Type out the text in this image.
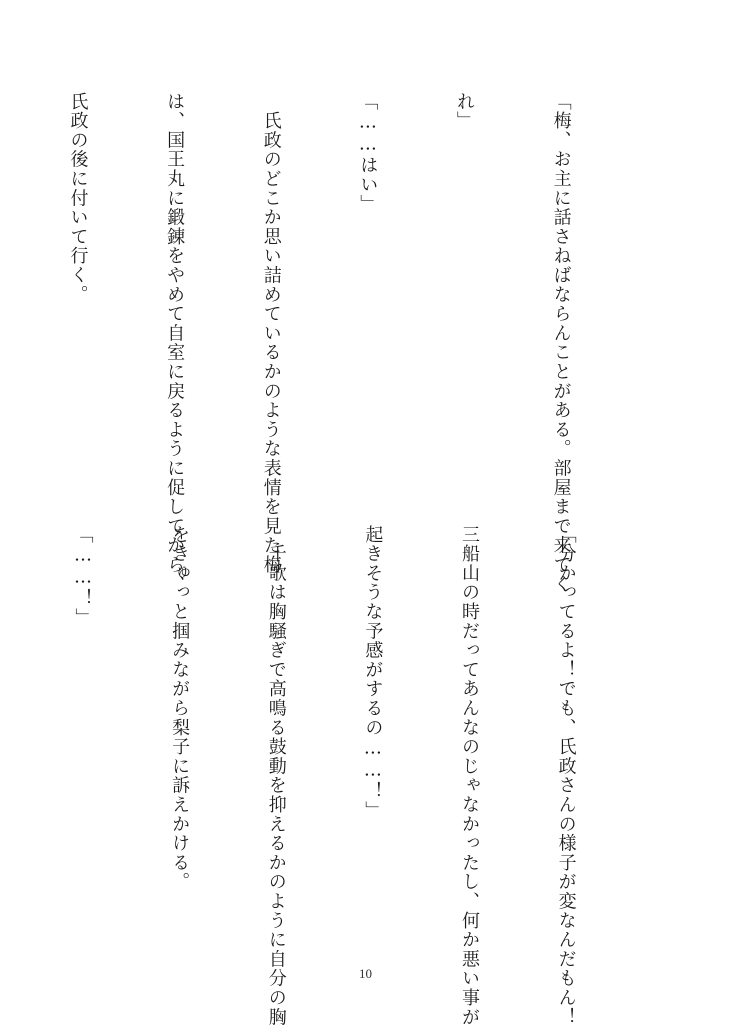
「梅、お主に話さねばならんことがある。部屋まで来てく

れ」

「……はい」

　氏政のどこか思い詰めているかのような表情を見た梅

は、国王丸に鍛錬をやめて自室に戻るように促してから、

氏政の後に付いて行く。

「分かってるよ！でも、氏政さんの様子が変なんだもん！

三船山の時だってあんなのじゃなかったし、何か悪い事が

起きそうな予感がするの……！」

　千歌は胸騒ぎで高鳴る鼓動を抑えるかのように自分の胸

をきゅっと掴みながら梨子に訴えかける。

「……！」

10
